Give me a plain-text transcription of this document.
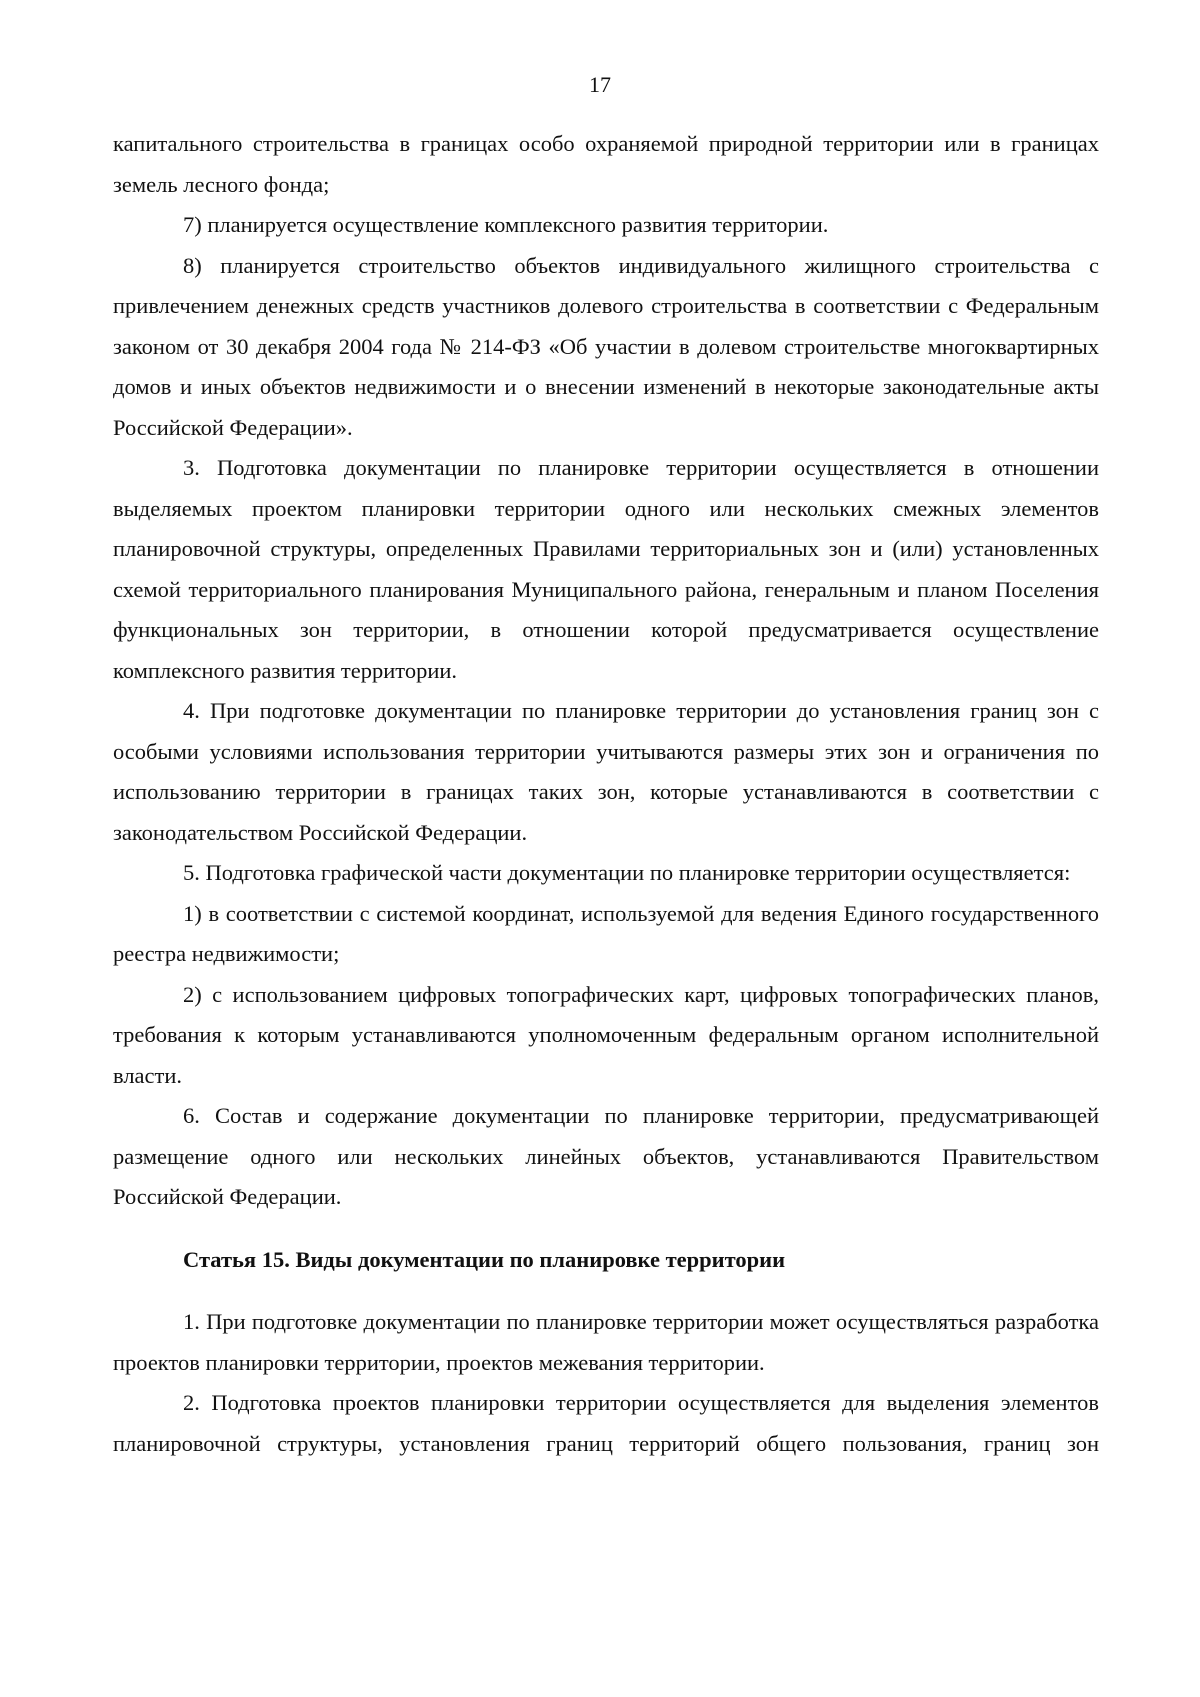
17

капитального строительства в границах особо охраняемой природной территории или в границах земель лесного фонда;

7) планируется осуществление комплексного развития территории.

8) планируется строительство объектов индивидуального жилищного строительства с привлечением денежных средств участников долевого строительства в соответствии с Федеральным законом от 30 декабря 2004 года № 214-ФЗ «Об участии в долевом строительстве многоквартирных домов и иных объектов недвижимости и о внесении изменений в некоторые законодательные акты Российской Федерации».

3. Подготовка документации по планировке территории осуществляется в отношении выделяемых проектом планировки территории одного или нескольких смежных элементов планировочной структуры, определенных Правилами территориальных зон и (или) установленных схемой территориального планирования Муниципального района, генеральным и планом Поселения функциональных зон территории, в отношении которой предусматривается осуществление комплексного развития территории.

4. При подготовке документации по планировке территории до установления границ зон с особыми условиями использования территории учитываются размеры этих зон и ограничения по использованию территории в границах таких зон, которые устанавливаются в соответствии с законодательством Российской Федерации.

5. Подготовка графической части документации по планировке территории осуществляется:

1) в соответствии с системой координат, используемой для ведения Единого государственного реестра недвижимости;

2) с использованием цифровых топографических карт, цифровых топографических планов, требования к которым устанавливаются уполномоченным федеральным органом исполнительной власти.

6. Состав и содержание документации по планировке территории, предусматривающей размещение одного или нескольких линейных объектов, устанавливаются Правительством Российской Федерации.

Статья 15. Виды документации по планировке территории

1. При подготовке документации по планировке территории может осуществляться разработка проектов планировки территории, проектов межевания территории.

2. Подготовка проектов планировки территории осуществляется для выделения элементов планировочной структуры, установления границ территорий общего пользования, границ зон
